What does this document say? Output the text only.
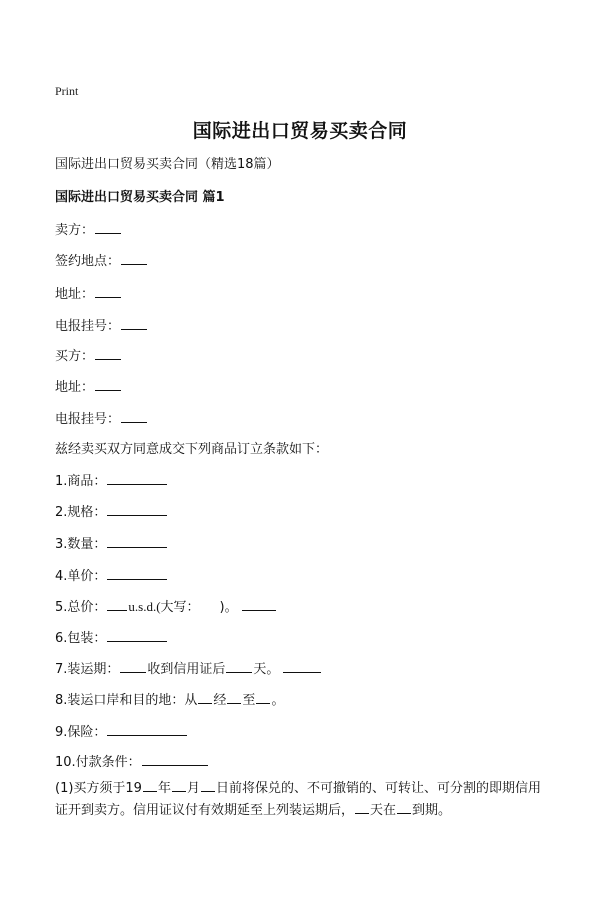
Print
国际进出口贸易买卖合同
国际进出口贸易买卖合同（精选18篇）
国际进出口贸易买卖合同 篇1
卖方：
签约地点：
地址：
电报挂号：
买方：
地址：
电报挂号：
兹经卖买双方同意成交下列商品订立条款如下：
1.商品：
2.规格：
3.数量：
4.单价：
5.总价： u.s.d.(大写： )。
6.包装：
7.装运期： 收到信用证后 天。
8.装运口岸和目的地：从 经 至 。
9.保险：
10.付款条件：
(1)买方须于19 年 月 日前将保兑的、不可撤销的、可转让、可分割的即期信用证开到卖方。信用证议付有效期延至上列装运期后， 天在 到期。
